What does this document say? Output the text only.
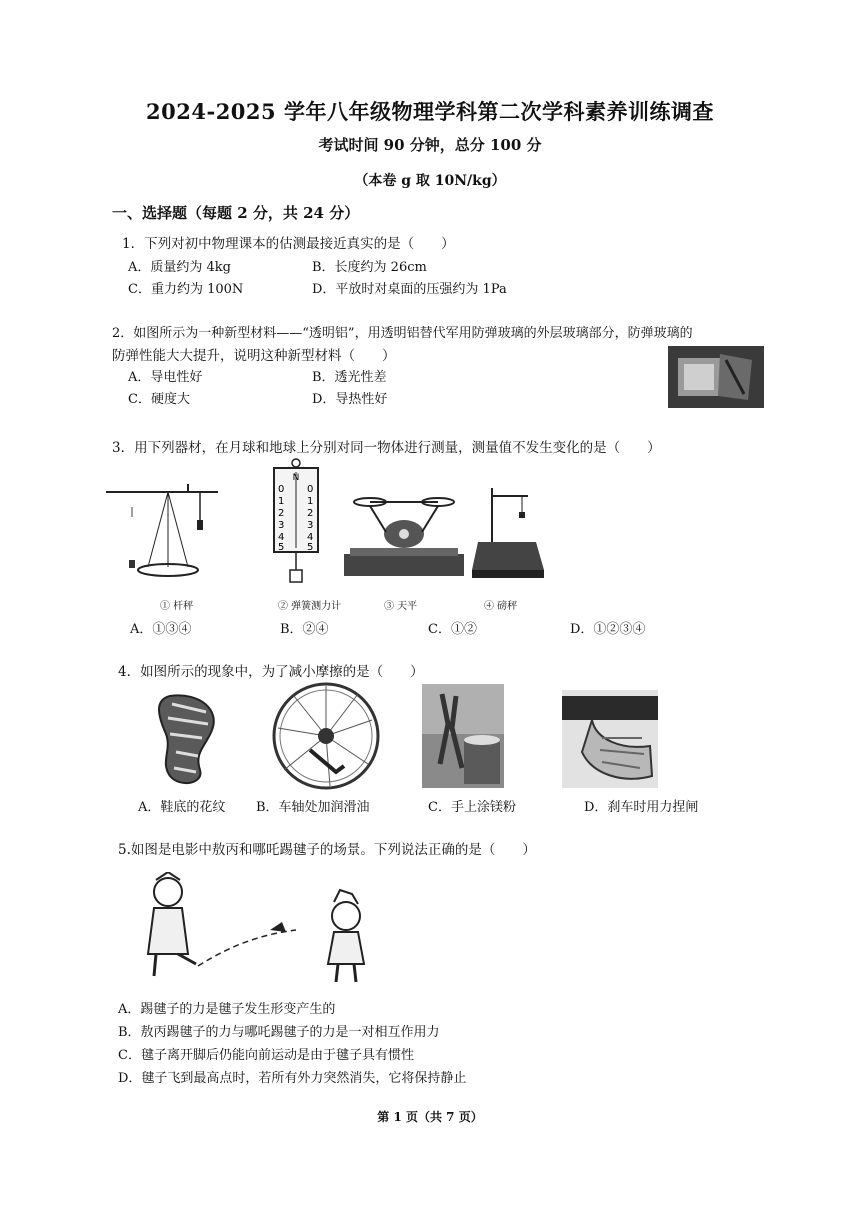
2024-2025 学年八年级物理学科第二次学科素养训练调查
考试时间 90 分钟，总分 100 分
（本卷 g 取 10N/kg）
一、选择题（每题 2 分，共 24 分）
1．下列对初中物理课本的估测最接近真实的是（　　）
A．质量约为 4kg	B．长度约为 26cm
C．重力约为 100N	D．平放时对桌面的压强约为 1Pa
2．如图所示为一种新型材料——“透明铝”，用透明铝替代军用防弹玻璃的外层玻璃部分，防弹玻璃的
防弹性能大大提升，说明这种新型材料（　　）
A．导电性好	B．透光性差
C．硬度大	D．导热性好
3．用下列器材，在月球和地球上分别对同一物体进行测量，测量值不发生变化的是（　　）
N
0
1
2
3
4
5
0
1
2
3
4
5
① 杆秤	② 弹簧测力计	③ 天平	④ 磅秤
A．①③④	B．②④	C．①②	D．①②③④
4．如图所示的现象中，为了减小摩擦的是（　　）
A．鞋底的花纹 B．车轴处加润滑油	C．手上涂镁粉	D．刹车时用力捏闸
5.如图是电影中敖丙和哪吒踢毽子的场景。下列说法正确的是（　　）
A．踢毽子的力是毽子发生形变产生的
B．敖丙踢毽子的力与哪吒踢毽子的力是一对相互作用力
C．毽子离开脚后仍能向前运动是由于毽子具有惯性
D．毽子飞到最高点时，若所有外力突然消失，它将保持静止
第 1 页（共 7 页）
